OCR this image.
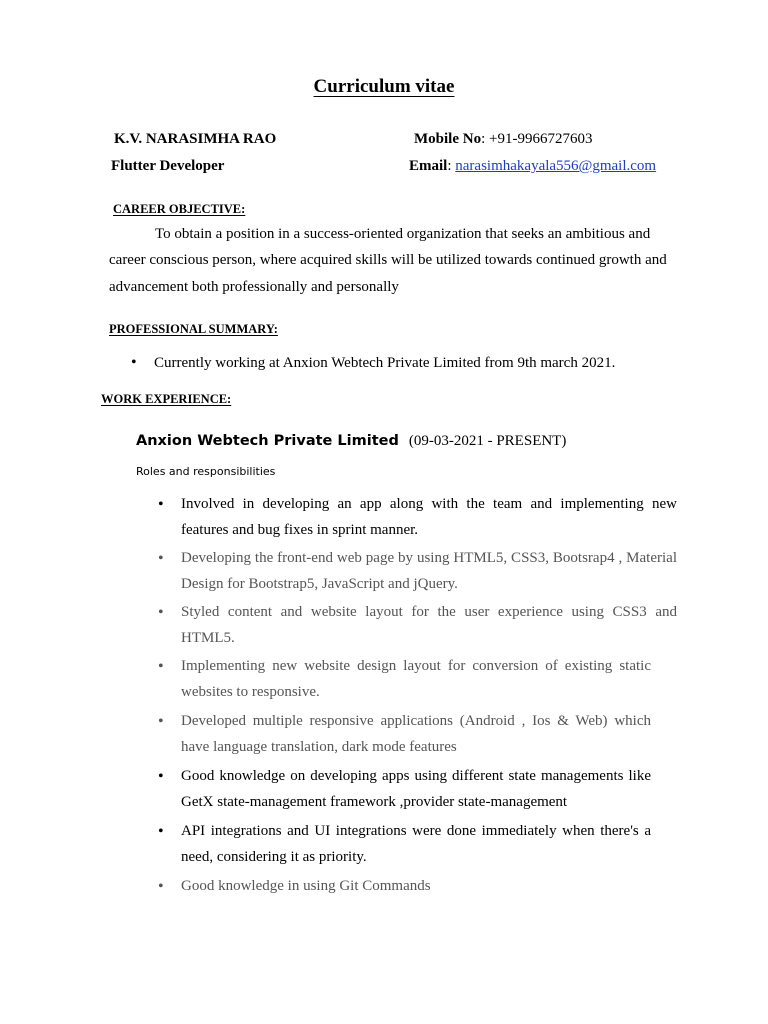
Curriculum vitae
K.V. NARASIMHA RAO
Flutter Developer
Mobile No: +91-9966727603
Email: narasimhakayala556@gmail.com
CAREER OBJECTIVE:
To obtain a position in a success-oriented organization that seeks an ambitious and
career conscious person, where acquired skills will be utilized towards continued growth and
advancement both professionally and personally
PROFESSIONAL SUMMARY:
• Currently working at Anxion Webtech Private Limited from 9th march 2021.
WORK EXPERIENCE:
Anxion Webtech Private Limited (09-03-2021 - PRESENT)
Roles and responsibilities
• Involved in developing an app along with the team and implementing new
features and bug fixes in sprint manner.
• Developing the front-end web page by using HTML5, CSS3, Bootsrap4 , Material
Design for Bootstrap5, JavaScript and jQuery.
• Styled content and website layout for the user experience using CSS3 and
HTML5.
• Implementing new website design layout for conversion of existing static
websites to responsive.
• Developed multiple responsive applications (Android , Ios & Web) which
have language translation, dark mode features
• Good knowledge on developing apps using different state managements like
GetX state-management framework ,provider state-management
• API integrations and UI integrations were done immediately when there's a
need, considering it as priority.
• Good knowledge in using Git Commands
